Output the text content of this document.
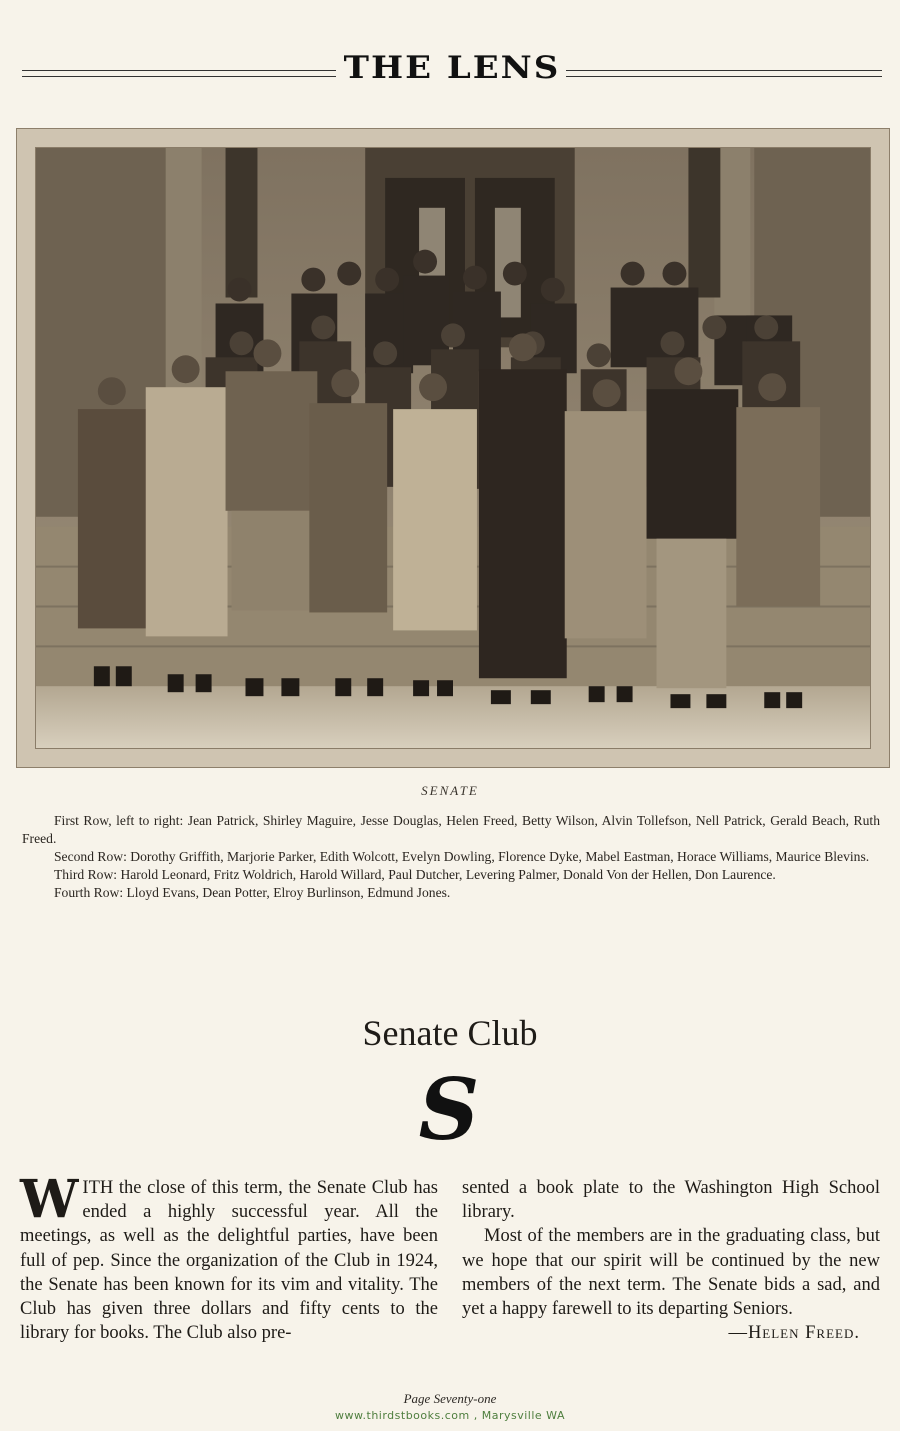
THE LENS
SENATE

First Row, left to right: Jean Patrick, Shirley Maguire, Jesse Douglas, Helen Freed, Betty Wilson, Alvin Tollefson, Nell Patrick, Gerald Beach, Ruth Freed.

Second Row: Dorothy Griffith, Marjorie Parker, Edith Wolcott, Evelyn Dowling, Florence Dyke, Mabel Eastman, Horace Williams, Maurice Blevins.

Third Row: Harold Leonard, Fritz Woldrich, Harold Willard, Paul Dutcher, Levering Palmer, Donald Von der Hellen, Don Laurence.

Fourth Row: Lloyd Evans, Dean Potter, Elroy Burlinson, Edmund Jones.

Senate Club
S

WITH the close of this term, the Senate Club has ended a highly successful year. All the meetings, as well as the delightful parties, have been full of pep. Since the organization of the Club in 1924, the Senate has been known for its vim and vitality. The Club has given three dollars and fifty cents to the library for books. The Club also pre-

sented a book plate to the Washington High School library.

Most of the members are in the graduating class, but we hope that our spirit will be continued by the new members of the next term. The Senate bids a sad, and yet a happy farewell to its departing Seniors.

—Helen Freed.

Page Seventy-one
www.thirdstbooks.com , Marysville WA
